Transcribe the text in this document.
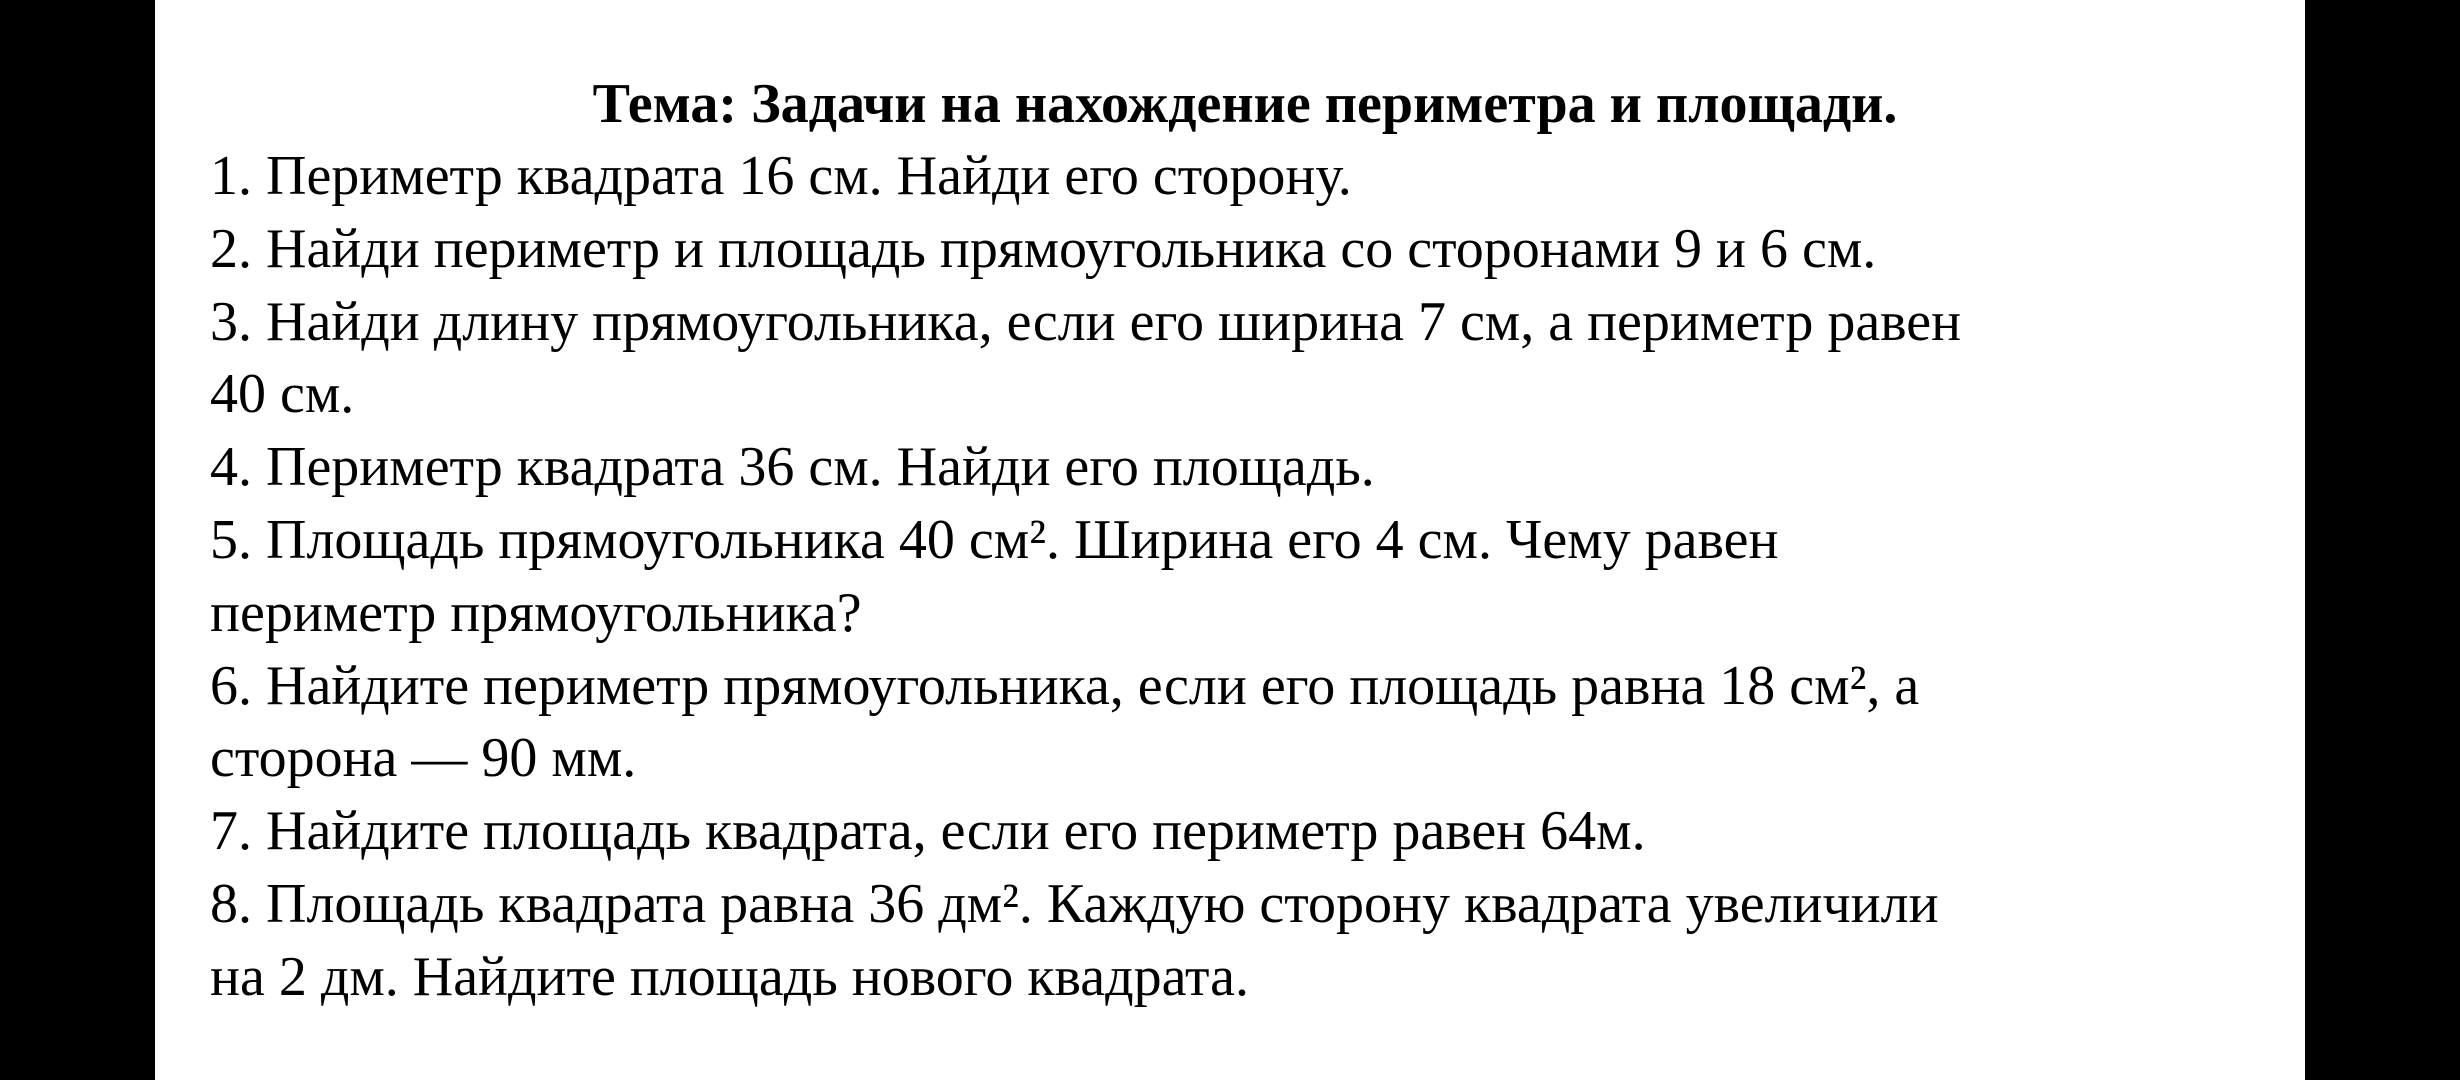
Тема: Задачи на нахождение периметра и площади.

1. Периметр квадрата 16 см. Найди его сторону.

2. Найди периметр и площадь прямоугольника со сторонами 9 и 6 см.

3. Найди длину прямоугольника, если его ширина 7 см, а периметр равен

40 см.

4. Периметр квадрата 36 см. Найди его площадь.

5. Площадь прямоугольника 40 см². Ширина его 4 см. Чему равен

периметр прямоугольника?

6. Найдите периметр прямоугольника, если его площадь равна 18 см², а

сторона — 90 мм.

7. Найдите площадь квадрата, если его периметр равен 64м.

8. Площадь квадрата равна 36 дм². Каждую сторону квадрата увеличили

на 2 дм. Найдите площадь нового квадрата.
